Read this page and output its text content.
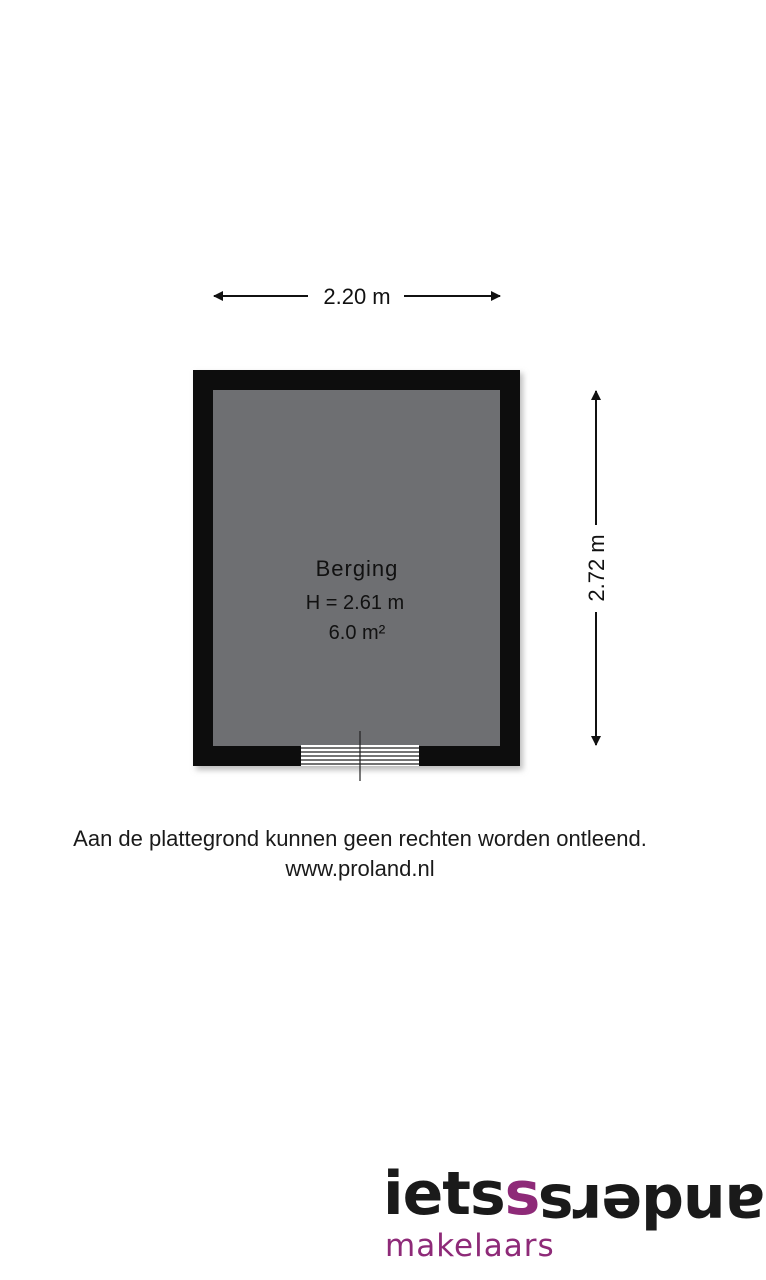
2.20 m
2.72 m
Berging
H = 2.61 m
6.0 m²
Aan de plattegrond kunnen geen rechten worden ontleend.
www.proland.nl
ietssanders
makelaars
